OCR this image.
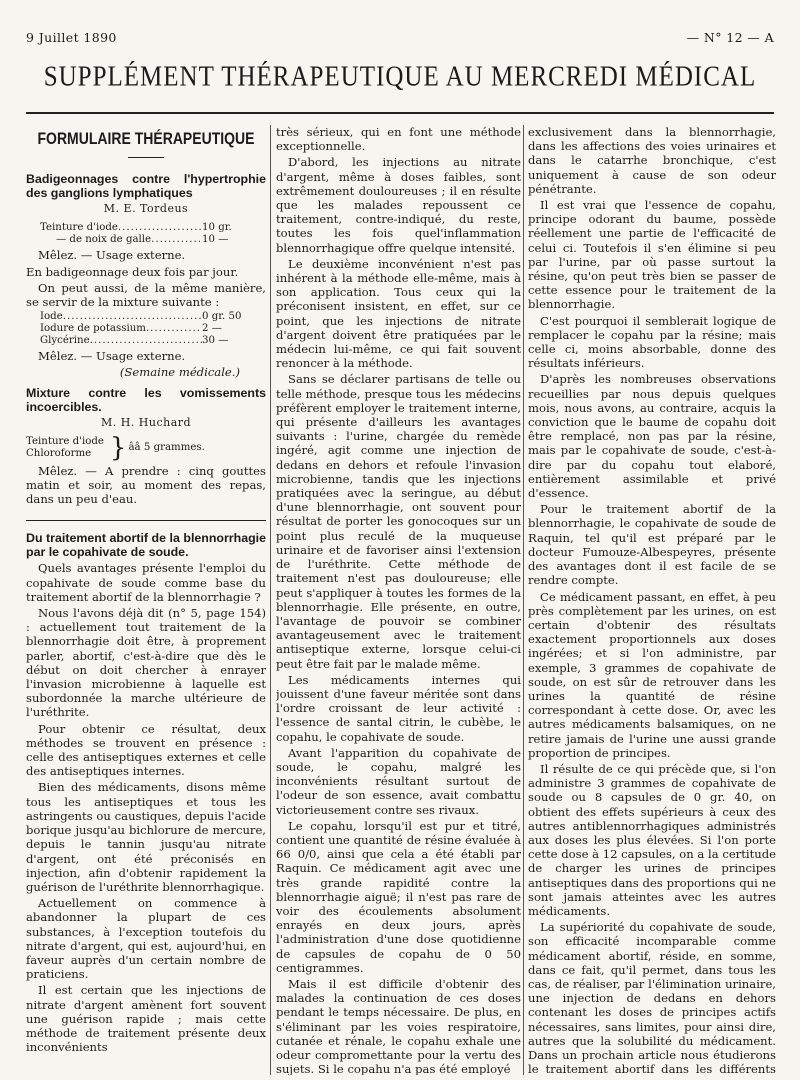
9 Juillet 1890	— N° 12 — A
SUPPLÉMENT THÉRAPEUTIQUE AU MERCREDI MÉDICAL
FORMULAIRE THÉRAPEUTIQUE

Badigeonnages contre l'hypertrophie des ganglions lymphatiques

M. E. Tordeus
Teinture d'iode .....	10 gr.
— de noix de galle .....	10 —

Mêlez. — Usage externe.

En badigeonnage deux fois par jour.

On peut aussi, de la même manière, se servir de la mixture suivante :

Iode .....	0 gr. 50
Iodure de potassium .....	2 —
Glycérine .....	30 —

Mêlez. — Usage externe.

(Semaine médicale.)

Mixture contre les vomissements incoercibles.

M. H. Huchard
Teinture d'iode
Chloroforme } ââ 5 grammes.

Mêlez. — A prendre : cinq gouttes matin et soir, au moment des repas, dans un peu d'eau.

Du traitement abortif de la blennorrhagie par le copahivate de soude.

Quels avantages présente l'emploi du copahivate de soude comme base du traitement abortif de la blennorrhagie ?

Nous l'avons déjà dit (n° 5, page 154) : actuellement tout traitement de la blennorrhagie doit être, à proprement parler, abortif, c'est-à-dire que dès le début on doit chercher à enrayer l'invasion microbienne à laquelle est subordonnée la marche ultérieure de l'uréthrite.

Pour obtenir ce résultat, deux méthodes se trouvent en présence : celle des antiseptiques externes et celle des antiseptiques internes.

Bien des médicaments, disons même tous les antiseptiques et tous les astringents ou caustiques, depuis l'acide borique jusqu'au bichlorure de mercure, depuis le tannin jusqu'au nitrate d'argent, ont été préconisés en injection, afin d'obtenir rapidement la guérison de l'uréthrite blennorrhagique.

Actuellement on commence à abandonner la plupart de ces substances, à l'exception toutefois du nitrate d'argent, qui est, aujourd'hui, en faveur auprès d'un certain nombre de praticiens.

Il est certain que les injections de nitrate d'argent amènent fort souvent une guérison rapide ; mais cette méthode de traitement présente deux inconvénients

très sérieux, qui en font une méthode exceptionnelle.

D'abord, les injections au nitrate d'argent, même à doses faibles, sont extrêmement douloureuses ; il en résulte que les malades repoussent ce traitement, contre-indiqué, du reste, toutes les fois quel'inflammation blennorrhagique offre quelque intensité.

Le deuxième inconvénient n'est pas inhérent à la méthode elle-même, mais à son application. Tous ceux qui la préconisent insistent, en effet, sur ce point, que les injections de nitrate d'argent doivent être pratiquées par le médecin lui-même, ce qui fait souvent renoncer à la méthode.

Sans se déclarer partisans de telle ou telle méthode, presque tous les médecins préfèrent employer le traitement interne, qui présente d'ailleurs les avantages suivants : l'urine, chargée du remède ingéré, agit comme une injection de dedans en dehors et refoule l'invasion microbienne, tandis que les injections pratiquées avec la seringue, au début d'une blennorrhagie, ont souvent pour résultat de porter les gonocoques sur un point plus reculé de la muqueuse urinaire et de favoriser ainsi l'extension de l'uréthrite. Cette méthode de traitement n'est pas douloureuse; elle peut s'appliquer à toutes les formes de la blennorrhagie. Elle présente, en outre, l'avantage de pouvoir se combiner avantageusement avec le traitement antiseptique externe, lorsque celui-ci peut être fait par le malade même.

Les médicaments internes qui jouissent d'une faveur méritée sont dans l'ordre croissant de leur activité : l'essence de santal citrin, le cubèbe, le copahu, le copahivate de soude.

Avant l'apparition du copahivate de soude, le copahu, malgré les inconvénients résultant surtout de l'odeur de son essence, avait combattu victorieusement contre ses rivaux.

Le copahu, lorsqu'il est pur et titré, contient une quantité de résine évaluée à 66 0/0, ainsi que cela a été établi par Raquin. Ce médicament agit avec une très grande rapidité contre la blennorrhagie aiguë; il n'est pas rare de voir des écoulements absolument enrayés en deux jours, après l'administration d'une dose quotidienne de capsules de copahu de 0 50 centigrammes.

Mais il est difficile d'obtenir des malades la continuation de ces doses pendant le temps nécessaire. De plus, en s'éliminant par les voies respiratoire, cutanée et rénale, le copahu exhale une odeur compromettante pour la vertu des sujets. Si le copahu n'a pas été employé

exclusivement dans la blennorrhagie, dans les affections des voies urinaires et dans le catarrhe bronchique, c'est uniquement à cause de son odeur pénétrante.

Il est vrai que l'essence de copahu, principe odorant du baume, possède réellement une partie de l'efficacité de celui ci. Toutefois il s'en élimine si peu par l'urine, par où passe surtout la résine, qu'on peut très bien se passer de cette essence pour le traitement de la blennorrhagie.

C'est pourquoi il semblerait logique de remplacer le copahu par la résine; mais celle ci, moins absorbable, donne des résultats inférieurs.

D'après les nombreuses observations recueillies par nous depuis quelques mois, nous avons, au contraire, acquis la conviction que le baume de copahu doit être remplacé, non pas par la résine, mais par le copahivate de soude, c'est-à-dire par du copahu tout elaboré, entièrement assimilable et privé d'essence.

Pour le traitement abortif de la blennorrhagie, le copahivate de soude de Raquin, tel qu'il est préparé par le docteur Fumouze-Albespeyres, présente des avantages dont il est facile de se rendre compte.

Ce médicament passant, en effet, à peu près complètement par les urines, on est certain d'obtenir des résultats exactement proportionnels aux doses ingérées; et si l'on administre, par exemple, 3 grammes de copahivate de soude, on est sûr de retrouver dans les urines la quantité de résine correspondant à cette dose. Or, avec les autres médicaments balsamiques, on ne retire jamais de l'urine une aussi grande proportion de principes.

Il résulte de ce qui précède que, si l'on administre 3 grammes de copahivate de soude ou 8 capsules de 0 gr. 40, on obtient des effets supérieurs à ceux des autres antiblennorrhagiques administrés aux doses les plus élevées. Si l'on porte cette dose à 12 capsules, on a la certitude de charger les urines de principes antiseptiques dans des proportions qui ne sont jamais atteintes avec les autres médicaments.

La supériorité du copahivate de soude, son efficacité incomparable comme médicament abortif, réside, en somme, dans ce fait, qu'il permet, dans tous les cas, de réaliser, par l'élimination urinaire, une injection de dedans en dehors contenant les doses de principes actifs nécessaires, sans limites, pour ainsi dire, autres que la solubilité du médicament. Dans un prochain article nous étudierons le traitement abortif dans les différents
